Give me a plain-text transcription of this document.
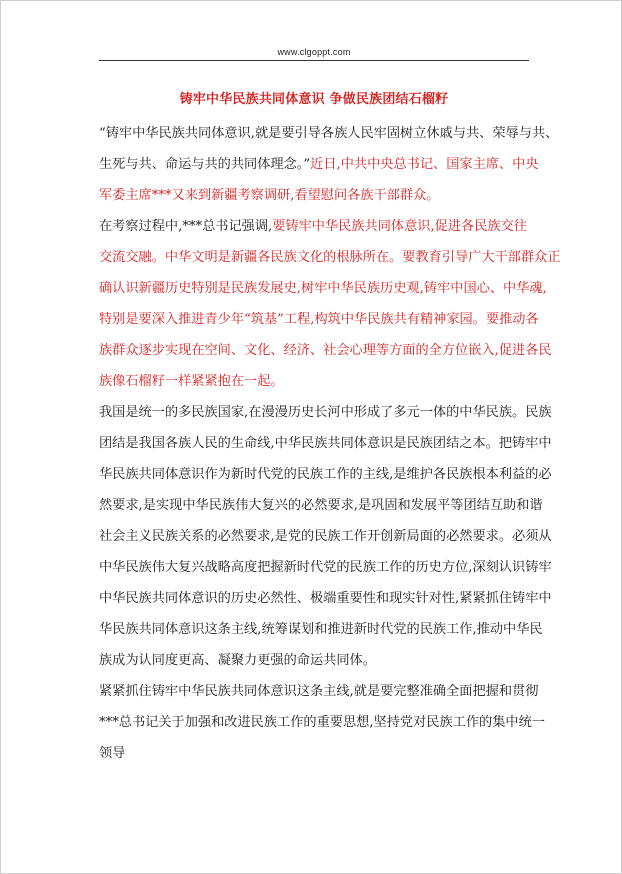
www.clgoppt.com
铸牢中华民族共同体意识 争做民族团结石榴籽

“铸牢中华民族共同体意识,就是要引导各族人民牢固树立休戚与共、荣辱与共、
生死与共、命运与共的共同体理念。”近日,中共中央总书记、国家主席、中央
军委主席***又来到新疆考察调研,看望慰问各族干部群众。

在考察过程中,***总书记强调,要铸牢中华民族共同体意识,促进各民族交往
交流交融。中华文明是新疆各民族文化的根脉所在。要教育引导广大干部群众正
确认识新疆历史特别是民族发展史,树牢中华民族历史观,铸牢中国心、中华魂,
特别是要深入推进青少年“筑基”工程,构筑中华民族共有精神家园。要推动各
族群众逐步实现在空间、文化、经济、社会心理等方面的全方位嵌入,促进各民
族像石榴籽一样紧紧抱在一起。

我国是统一的多民族国家,在漫漫历史长河中形成了多元一体的中华民族。民族
团结是我国各族人民的生命线,中华民族共同体意识是民族团结之本。把铸牢中
华民族共同体意识作为新时代党的民族工作的主线,是维护各民族根本利益的必
然要求,是实现中华民族伟大复兴的必然要求,是巩固和发展平等团结互助和谐
社会主义民族关系的必然要求,是党的民族工作开创新局面的必然要求。必须从
中华民族伟大复兴战略高度把握新时代党的民族工作的历史方位,深刻认识铸牢
中华民族共同体意识的历史必然性、极端重要性和现实针对性,紧紧抓住铸牢中
华民族共同体意识这条主线,统筹谋划和推进新时代党的民族工作,推动中华民
族成为认同度更高、凝聚力更强的命运共同体。

紧紧抓住铸牢中华民族共同体意识这条主线,就是要完整准确全面把握和贯彻
***总书记关于加强和改进民族工作的重要思想,坚持党对民族工作的集中统一
领导
